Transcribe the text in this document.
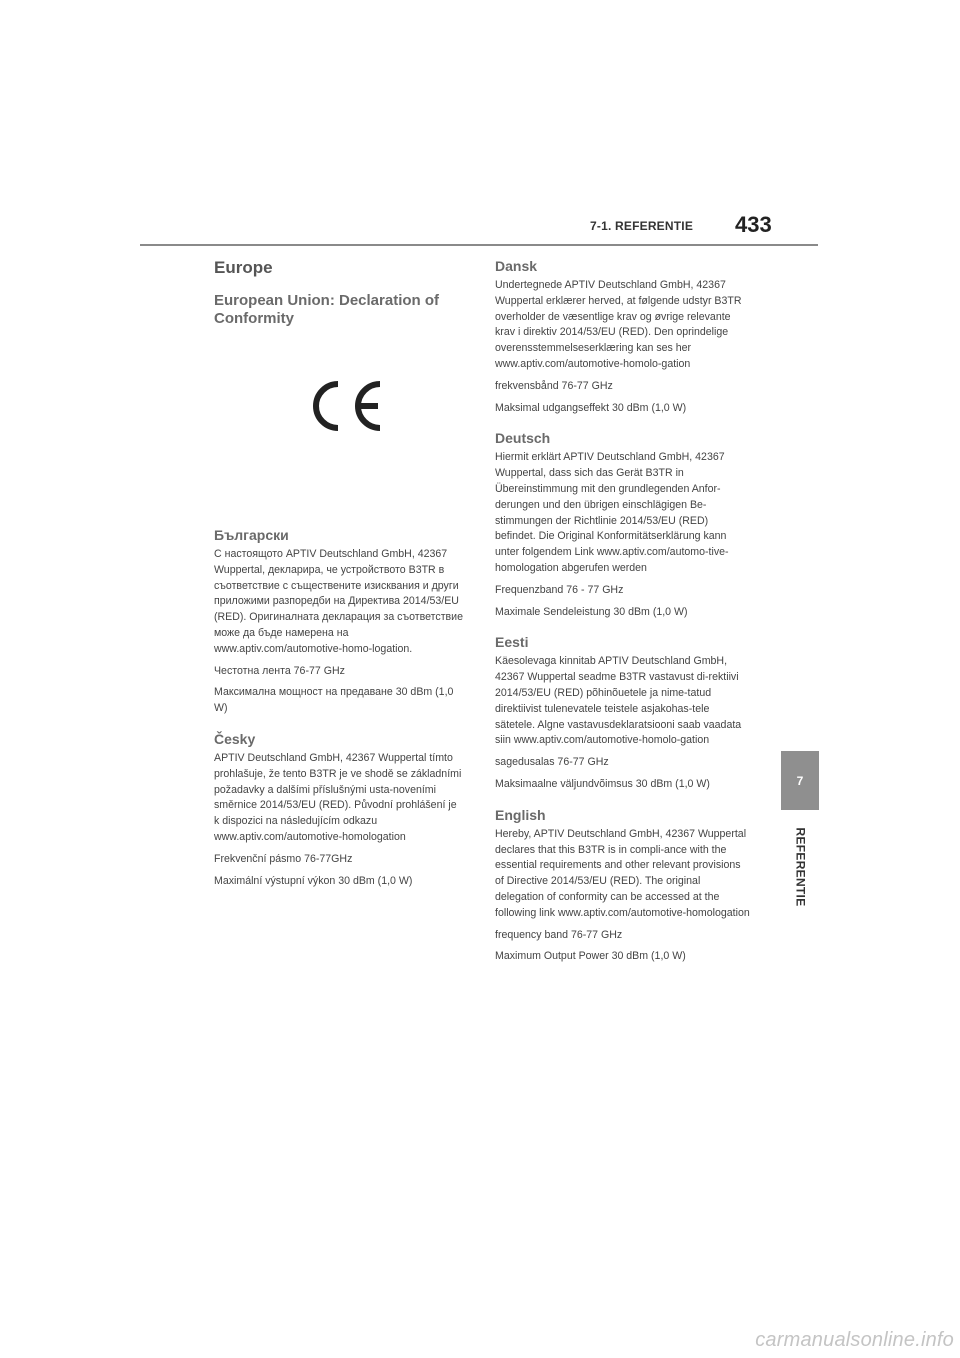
7-1. REFERENTIE 433
Europe
European Union: Declaration of Conformity
Български

С настоящото APTIV Deutschland GmbH, 42367 Wuppertal, декларира, че устройството B3TR в съответствие с съществените изисквания и други приложими разпоредби на Директива 2014/53/EU (RED). Оригиналната декларация за съответствие може да бъде намерена на www.aptiv.com/automotive-homo-logation.

Честотна лента 76-77 GHz

Максимална мощност на предаване 30 dBm (1,0 W)

Česky

APTIV Deutschland GmbH, 42367 Wuppertal tímto prohlašuje, že tento B3TR je ve shodě se základními požadavky a dalšími příslušnými usta-noveními směrnice 2014/53/EU (RED). Původní prohlášení je k dispozici na následujícím odkazu www.aptiv.com/automotive-homologation

Frekvenční pásmo 76-77GHz

Maximální výstupní výkon 30 dBm (1,0 W)

Dansk

Undertegnede APTIV Deutschland GmbH, 42367 Wuppertal erklærer herved, at følgende udstyr B3TR overholder de væsentlige krav og øvrige relevante krav i direktiv 2014/53/EU (RED). Den oprindelige overensstemmelseserklæring kan ses her www.aptiv.com/automotive-homolo-gation

frekvensbånd 76-77 GHz

Maksimal udgangseffekt 30 dBm (1,0 W)

Deutsch

Hiermit erklärt APTIV Deutschland GmbH, 42367 Wuppertal, dass sich das Gerät B3TR in Übereinstimmung mit den grundlegenden Anfor-derungen und den übrigen einschlägigen Be-stimmungen der Richtlinie 2014/53/EU (RED) befindet. Die Original Konformitätserklärung kann unter folgendem Link www.aptiv.com/automo-tive-homologation abgerufen werden

Frequenzband 76 - 77 GHz

Maximale Sendeleistung 30 dBm (1,0 W)

Eesti

Käesolevaga kinnitab APTIV Deutschland GmbH, 42367 Wuppertal seadme B3TR vastavust di-rektiivi 2014/53/EU (RED) põhinõuetele ja nime-tatud direktiivist tulenevatele teistele asjakohas-tele sätetele. Algne vastavusdeklaratsiooni saab vaadata siin www.aptiv.com/automotive-homolo-gation

sagedusalas 76-77 GHz

Maksimaalne väljundvõimsus 30 dBm (1,0 W)

English

Hereby, APTIV Deutschland GmbH, 42367 Wuppertal declares that this B3TR is in compli-ance with the essential requirements and other relevant provisions of Directive 2014/53/EU (RED). The original delegation of conformity can be accessed at the following link www.aptiv.com/automotive-homologation

frequency band 76-77 GHz

Maximum Output Power 30 dBm (1,0 W)

7
REFERENTIE
carmanualsonline.info
